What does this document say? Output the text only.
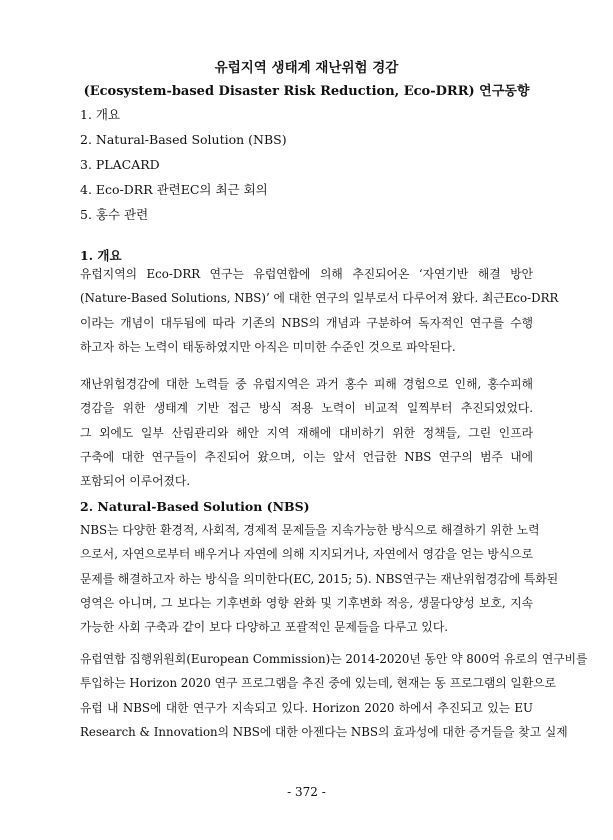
유럽지역 생태계 재난위험 경감
(Ecosystem-based Disaster Risk Reduction, Eco-DRR) 연구동향
1. 개요
2. Natural-Based Solution (NBS)
3. PLACARD
4. Eco-DRR 관련EC의 최근 회의
5. 홍수 관련
1. 개요

유럽지역의 Eco-DRR 연구는 유럽연합에 의해 추진되어온 ‘자연기반 해결 방안
(Nature-Based Solutions, NBS)’ 에 대한 연구의 일부로서 다루어져 왔다. 최근Eco-DRR
이라는 개념이 대두됨에 따라 기존의 NBS의 개념과 구분하여 독자적인 연구를 수행
하고자 하는 노력이 태동하였지만 아직은 미미한 수준인 것으로 파악된다.

재난위험경감에 대한 노력들 중 유럽지역은 과거 홍수 피해 경험으로 인해, 홍수피해
경감을 위한 생태계 기반 접근 방식 적용 노력이 비교적 일찍부터 추진되었었다.
그 외에도 일부 산림관리와 해안 지역 재해에 대비하기 위한 정책들, 그린 인프라
구축에 대한 연구들이 추진되어 왔으며, 이는 앞서 언급한 NBS 연구의 범주 내에
포함되어 이루어졌다.

2. Natural-Based Solution (NBS)

NBS는 다양한 환경적, 사회적, 경제적 문제들을 지속가능한 방식으로 해결하기 위한 노력
으로서, 자연으로부터 배우거나 자연에 의해 지지되거나, 자연에서 영감을 얻는 방식으로
문제를 해결하고자 하는 방식을 의미한다(EC, 2015; 5). NBS연구는 재난위험경감에 특화된
영역은 아니며, 그 보다는 기후변화 영향 완화 및 기후변화 적응, 생물다양성 보호, 지속
가능한 사회 구축과 같이 보다 다양하고 포괄적인 문제들을 다루고 있다.

유럽연합 집행위원회(European Commission)는 2014-2020년 동안 약 800억 유로의 연구비를
투입하는 Horizon 2020 연구 프로그램을 추진 중에 있는데, 현재는 동 프로그램의 일환으로
유럽 내 NBS에 대한 연구가 지속되고 있다. Horizon 2020 하에서 추진되고 있는 EU
Research & Innovation의 NBS에 대한 아젠다는 NBS의 효과성에 대한 증거들을 찾고 실제

- 372 -
